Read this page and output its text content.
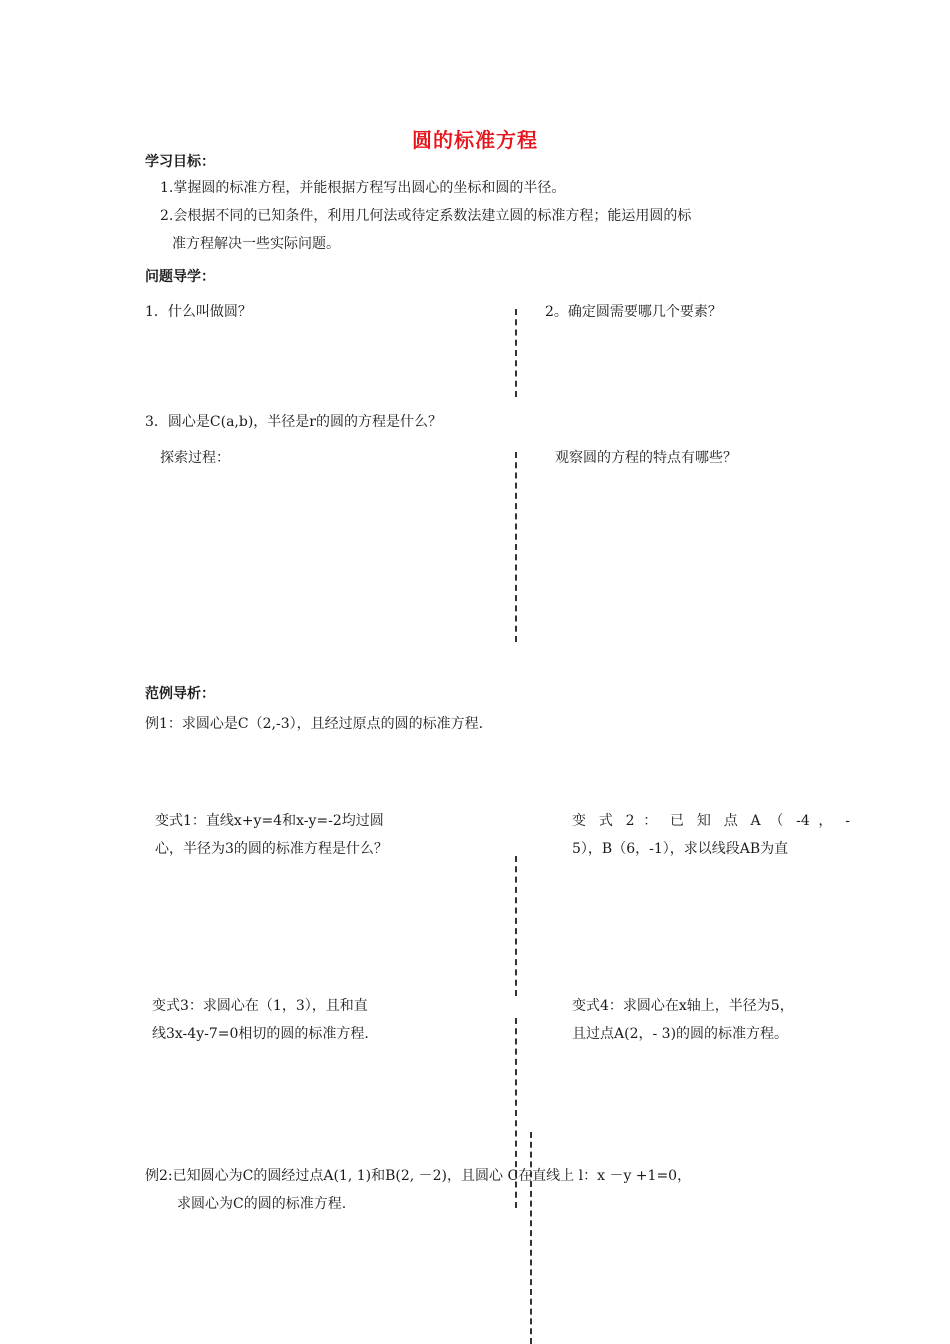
圆的标准方程
学习目标：
1.掌握圆的标准方程，并能根据方程写出圆心的坐标和圆的半径。
2.会根据不同的已知条件，利用几何法或待定系数法建立圆的标准方程；能运用圆的标
准方程解决一些实际问题。
问题导学：
1．什么叫做圆？	2。确定圆需要哪几个要素？
3．圆心是C(a,b)，半径是r的圆的方程是什么？
探索过程：	观察圆的方程的特点有哪些？
范例导析：
例1：求圆心是C（2,-3），且经过原点的圆的标准方程.
变式1：直线x+y=4和x-y=-2均过圆
心，半径为3的圆的标准方程是什么？
变 式 2 ： 已 知 点 A （ -4 ， -
5），B（6，-1），求以线段AB为直
变式3：求圆心在（1，3），且和直
线3x-4y-7=0相切的圆的标准方程.
变式4：求圆心在x轴上，半径为5，
且过点A(2，- 3)的圆的标准方程。
例2:已知圆心为C的圆经过点A(1, 1)和B(2, －2)，且圆心 C在直线上 l：x －y +1=0，
求圆心为C的圆的标准方程.
